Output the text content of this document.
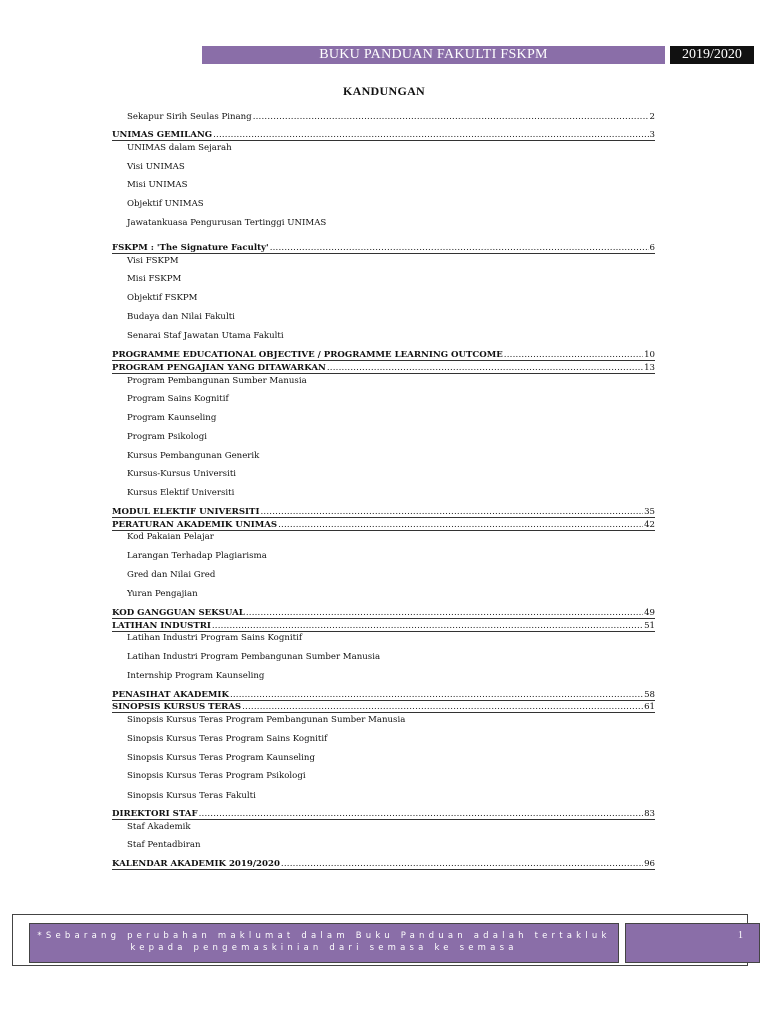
BUKU PANDUAN FAKULTI FSKPM	2019/2020
KANDUNGAN
Sekapur Sirih Seulas Pinang .....	2
UNIMAS GEMILANG .....	3
UNIMAS dalam Sejarah
Visi UNIMAS
Misi UNIMAS
Objektif UNIMAS
Jawatankuasa Pengurusan Tertinggi UNIMAS
FSKPM : 'The Signature Faculty' .....	6
Visi FSKPM
Misi FSKPM
Objektif FSKPM
Budaya dan Nilai Fakulti
Senarai Staf Jawatan Utama Fakulti
PROGRAMME EDUCATIONAL OBJECTIVE / PROGRAMME LEARNING OUTCOME .....	10
PROGRAM PENGAJIAN YANG DITAWARKAN .....	13
Program Pembangunan Sumber Manusia
Program Sains Kognitif
Program Kaunseling
Program Psikologi
Kursus Pembangunan Generik
Kursus-Kursus Universiti
Kursus Elektif Universiti
MODUL ELEKTIF UNIVERSITI .....	35
PERATURAN AKADEMIK UNIMAS .....	42
Kod Pakaian Pelajar
Larangan Terhadap Plagiarisma
Gred dan Nilai Gred
Yuran Pengajian
KOD GANGGUAN SEKSUAL .....	49
LATIHAN INDUSTRI .....	51
Latihan Industri Program Sains Kognitif
Latihan Industri Program Pembangunan Sumber Manusia
Internship Program Kaunseling
PENASIHAT AKADEMIK .....	58
SINOPSIS KURSUS TERAS .....	61
Sinopsis Kursus Teras Program Pembangunan Sumber Manusia
Sinopsis Kursus Teras Program Sains Kognitif
Sinopsis Kursus Teras Program Kaunseling
Sinopsis Kursus Teras Program Psikologi
Sinopsis Kursus Teras Fakulti
DIREKTORI STAF .....	83
Staf Akademik
Staf Pentadbiran
KALENDAR AKADEMIK 2019/2020 .....	96
*Sebarang perubahan maklumat dalam Buku Panduan adalah tertakluk
kepada pengemaskinian dari semasa ke semasa
1
